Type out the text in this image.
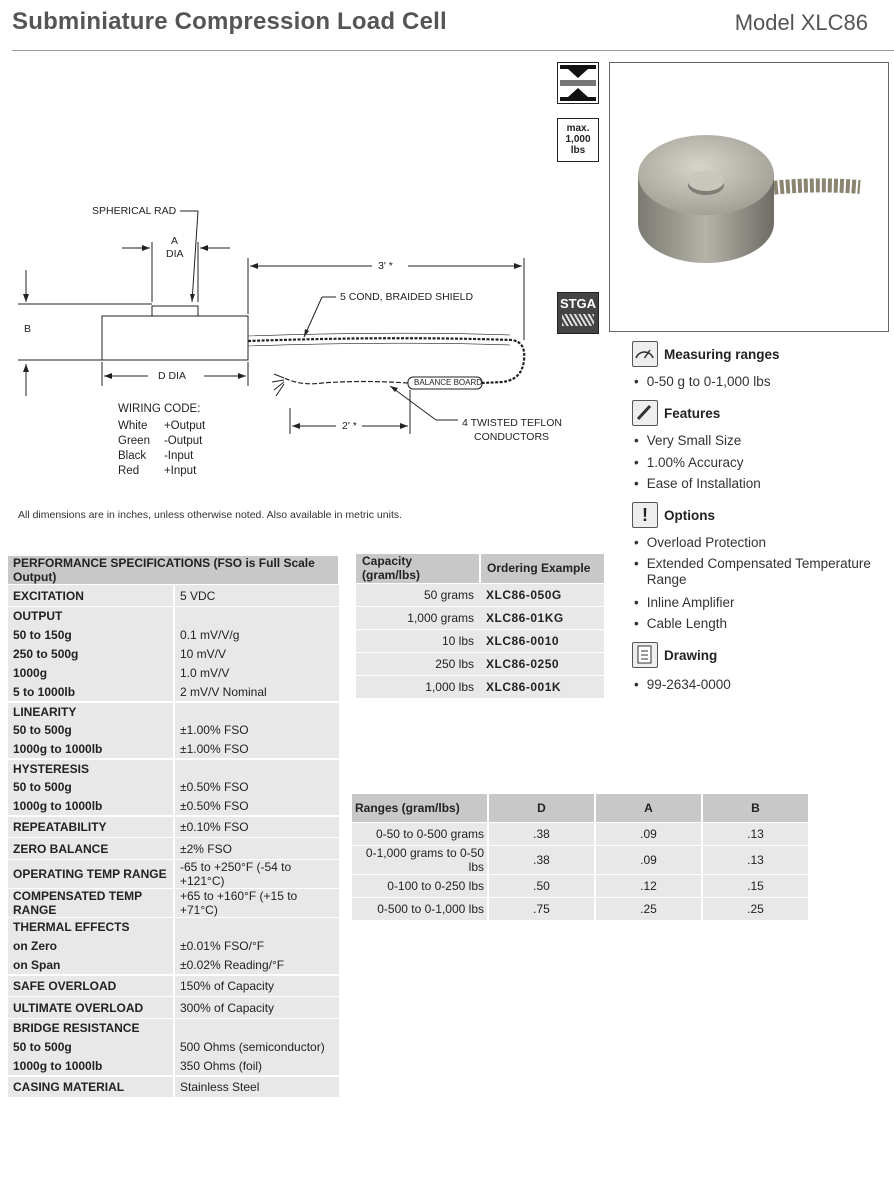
Subminiature Compression Load Cell	Model XLC86
SPHERICAL RAD
A
DIA
3' *
5 COND, BRAIDED SHIELD
B
D DIA
BALANCE BOARD
2' *	4 TWISTED TEFLON
CONDUCTORS
WIRING CODE:
White	+Output
Green	-Output
Black	-Input
Red	+Input
All dimensions are in inches, unless otherwise noted. Also available in metric units.
max.
1,000
lbs
STGA
Measuring ranges
• 0-50 g to 0-1,000 lbs
Features
• Very Small Size
• 1.00% Accuracy
• Ease of Installation
!	Options
• Overload Protection
• Extended Compensated Temperature Range
• Inline Amplifier
• Cable Length
Drawing
• 99-2634-0000
PERFORMANCE SPECIFICATIONS (FSO is Full Scale Output)	
EXCITATION	5 VDC
OUTPUT	
50 to 150g	0.1 mV/V/g
250 to 500g	10 mV/V
1000g	1.0 mV/V
5 to 1000lb	2 mV/V Nominal
LINEARITY	
50 to 500g	±1.00% FSO
1000g to 1000lb	±1.00% FSO
HYSTERESIS	
50 to 500g	±0.50% FSO
1000g to 1000lb	±0.50% FSO
REPEATABILITY	±0.10% FSO
ZERO BALANCE	±2% FSO
OPERATING TEMP RANGE	-65 to +250°F (-54 to +121°C)
COMPENSATED TEMP RANGE	+65 to +160°F (+15 to +71°C)
THERMAL EFFECTS	
on Zero	±0.01% FSO/°F
on Span	±0.02% Reading/°F
SAFE OVERLOAD	150% of Capacity
ULTIMATE OVERLOAD	300% of Capacity
BRIDGE RESISTANCE	
50 to 500g	500 Ohms (semiconductor)
1000g to 1000lb	350 Ohms (foil)
CASING MATERIAL	Stainless Steel
Capacity (gram/lbs)	Ordering Example
50 grams	XLC86-050G
1,000 grams	XLC86-01KG
10 lbs	XLC86-0010
250 lbs	XLC86-0250
1,000 lbs	XLC86-001K
Ranges (gram/lbs)	D	A	B
0-50 to 0-500 grams	.38	.09	.13
0-1,000 grams to 0-50 lbs	.38	.09	.13
0-100 to 0-250 lbs	.50	.12	.15
0-500 to 0-1,000 lbs	.75	.25	.25
